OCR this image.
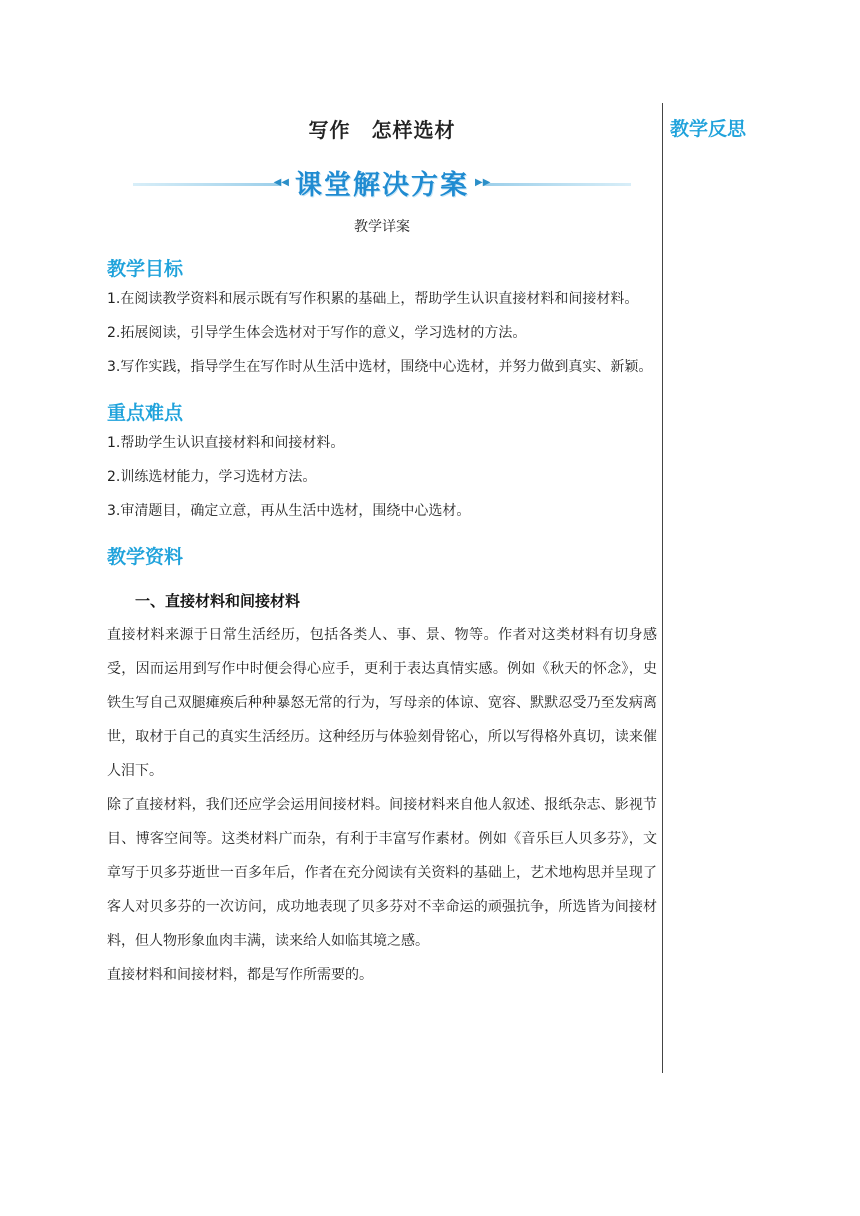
写作　怎样选材
◀◀ 课堂解决方案 ▶▶
教学详案
教学目标
1.在阅读教学资料和展示既有写作积累的基础上，帮助学生认识直接材料和间接材料。
2.拓展阅读，引导学生体会选材对于写作的意义，学习选材的方法。
3.写作实践，指导学生在写作时从生活中选材，围绕中心选材，并努力做到真实、新颖。
重点难点
1.帮助学生认识直接材料和间接材料。
2.训练选材能力，学习选材方法。
3.审清题目，确定立意，再从生活中选材，围绕中心选材。
教学资料
一、直接材料和间接材料
直接材料来源于日常生活经历，包括各类人、事、景、物等。作者对这类材料有切身感受，因而运用到写作中时便会得心应手，更利于表达真情实感。例如《秋天的怀念》，史铁生写自己双腿瘫痪后种种暴怒无常的行为，写母亲的体谅、宽容、默默忍受乃至发病离世，取材于自己的真实生活经历。这种经历与体验刻骨铭心，所以写得格外真切，读来催人泪下。
除了直接材料，我们还应学会运用间接材料。间接材料来自他人叙述、报纸杂志、影视节目、博客空间等。这类材料广而杂，有利于丰富写作素材。例如《音乐巨人贝多芬》，文章写于贝多芬逝世一百多年后，作者在充分阅读有关资料的基础上，艺术地构思并呈现了客人对贝多芬的一次访问，成功地表现了贝多芬对不幸命运的顽强抗争，所选皆为间接材料，但人物形象血肉丰满，读来给人如临其境之感。
直接材料和间接材料，都是写作所需要的。
教学反思
